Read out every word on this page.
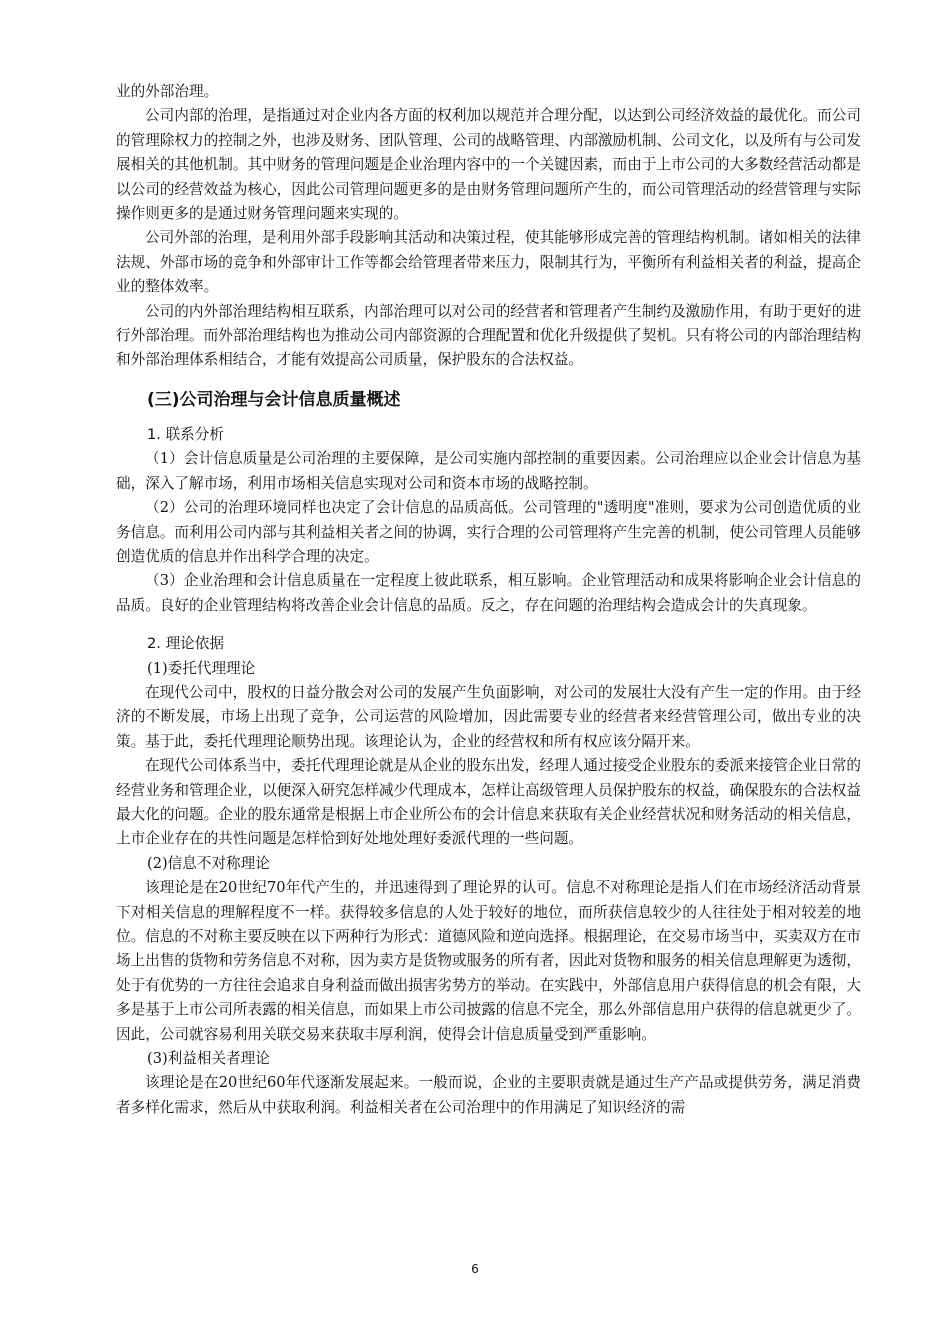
业的外部治理。

公司内部的治理，是指通过对企业内各方面的权利加以规范并合理分配，以达到公司经济效益的最优化。而公司的管理除权力的控制之外，也涉及财务、团队管理、公司的战略管理、内部激励机制、公司文化，以及所有与公司发展相关的其他机制。其中财务的管理问题是企业治理内容中的一个关键因素，而由于上市公司的大多数经营活动都是以公司的经营效益为核心，因此公司管理问题更多的是由财务管理问题所产生的，而公司管理活动的经营管理与实际操作则更多的是通过财务管理问题来实现的。

公司外部的治理，是利用外部手段影响其活动和决策过程，使其能够形成完善的管理结构机制。诸如相关的法律法规、外部市场的竞争和外部审计工作等都会给管理者带来压力，限制其行为，平衡所有利益相关者的利益，提高企业的整体效率。

公司的内外部治理结构相互联系，内部治理可以对公司的经营者和管理者产生制约及激励作用，有助于更好的进行外部治理。而外部治理结构也为推动公司内部资源的合理配置和优化升级提供了契机。只有将公司的内部治理结构和外部治理体系相结合，才能有效提高公司质量，保护股东的合法权益。

(三)公司治理与会计信息质量概述
1. 联系分析

（1）会计信息质量是公司治理的主要保障，是公司实施内部控制的重要因素。公司治理应以企业会计信息为基础，深入了解市场，利用市场相关信息实现对公司和资本市场的战略控制。

（2）公司的治理环境同样也决定了会计信息的品质高低。公司管理的"透明度"准则，要求为公司创造优质的业务信息。而利用公司内部与其利益相关者之间的协调，实行合理的公司管理将产生完善的机制，使公司管理人员能够创造优质的信息并作出科学合理的决定。

（3）企业治理和会计信息质量在一定程度上彼此联系，相互影响。企业管理活动和成果将影响企业会计信息的品质。良好的企业管理结构将改善企业会计信息的品质。反之，存在问题的治理结构会造成会计的失真现象。

2. 理论依据
(1)委托代理理论

在现代公司中，股权的日益分散会对公司的发展产生负面影响，对公司的发展壮大没有产生一定的作用。由于经济的不断发展，市场上出现了竞争，公司运营的风险增加，因此需要专业的经营者来经营管理公司，做出专业的决策。基于此，委托代理理论顺势出现。该理论认为，企业的经营权和所有权应该分隔开来。

在现代公司体系当中，委托代理理论就是从企业的股东出发，经理人通过接受企业股东的委派来接管企业日常的经营业务和管理企业，以便深入研究怎样减少代理成本，怎样让高级管理人员保护股东的权益，确保股东的合法权益最大化的问题。企业的股东通常是根据上市企业所公布的会计信息来获取有关企业经营状况和财务活动的相关信息，上市企业存在的共性问题是怎样恰到好处地处理好委派代理的一些问题。

(2)信息不对称理论

该理论是在20世纪70年代产生的，并迅速得到了理论界的认可。信息不对称理论是指人们在市场经济活动背景下对相关信息的理解程度不一样。获得较多信息的人处于较好的地位，而所获信息较少的人往往处于相对较差的地位。信息的不对称主要反映在以下两种行为形式：道德风险和逆向选择。根据理论，在交易市场当中，买卖双方在市场上出售的货物和劳务信息不对称，因为卖方是货物或服务的所有者，因此对货物和服务的相关信息理解更为透彻，处于有优势的一方往往会追求自身利益而做出损害劣势方的举动。在实践中，外部信息用户获得信息的机会有限，大多是基于上市公司所表露的相关信息，而如果上市公司披露的信息不完全，那么外部信息用户获得的信息就更少了。因此，公司就容易利用关联交易来获取丰厚利润，使得会计信息质量受到严重影响。

(3)利益相关者理论

该理论是在20世纪60年代逐渐发展起来。一般而说，企业的主要职责就是通过生产产品或提供劳务，满足消费者多样化需求，然后从中获取利润。利益相关者在公司治理中的作用满足了知识经济的需

6
